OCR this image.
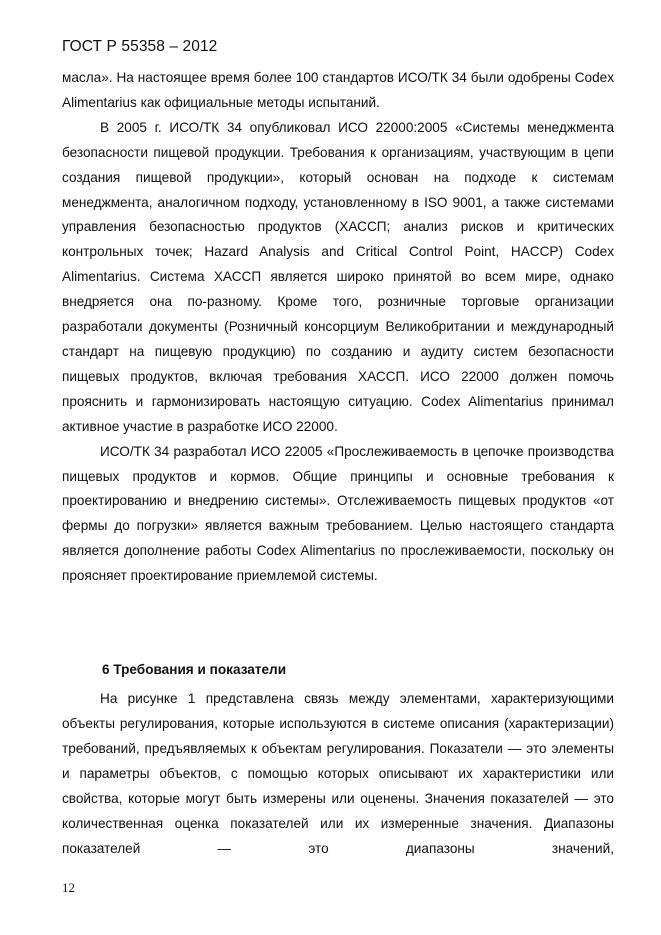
ГОСТ Р 55358 – 2012

масла». На настоящее время более 100 стандартов ИСО/ТК 34 были одобрены Codex Alimentarius как официальные методы испытаний.

В 2005 г. ИСО/ТК 34 опубликовал ИСО 22000:2005 «Системы менеджмента безопасности пищевой продукции. Требования к организациям, участвующим в цепи создания пищевой продукции», который основан на подходе к системам менеджмента, аналогичном подходу, установленному в ISO 9001, а также системами управления безопасностью продуктов (ХАССП; анализ рисков и критических контрольных точек; Hazard Analysis and Critical Control Point, HACCP) Codex Alimentarius. Система ХАССП является широко принятой во всем мире, однако внедряется она по-разному. Кроме того, розничные торговые организации разработали документы (Розничный консорциум Великобритании и международный стандарт на пищевую продукцию) по созданию и аудиту систем безопасности пищевых продуктов, включая требования ХАССП. ИСО 22000 должен помочь прояснить и гармонизировать настоящую ситуацию. Codex Alimentarius принимал активное участие в разработке ИСО 22000.

ИСО/ТК 34 разработал ИСО 22005 «Прослеживаемость в цепочке производства пищевых продуктов и кормов. Общие принципы и основные требования к проектированию и внедрению системы». Отслеживаемость пищевых продуктов «от фермы до погрузки» является важным требованием. Целью настоящего стандарта является дополнение работы Codex Alimentarius по прослеживаемости, поскольку он проясняет проектирование приемлемой системы.

6 Требования и показатели

На рисунке 1 представлена связь между элементами, характеризующими объекты регулирования, которые используются в системе описания (характеризации) требований, предъявляемых к объектам регулирования. Показатели — это элементы и параметры объектов, с помощью которых описывают их характеристики или свойства, которые могут быть измерены или оценены. Значения показателей — это количественная оценка показателей или их измеренные значения. Диапазоны показателей — это диапазоны значений,

12
